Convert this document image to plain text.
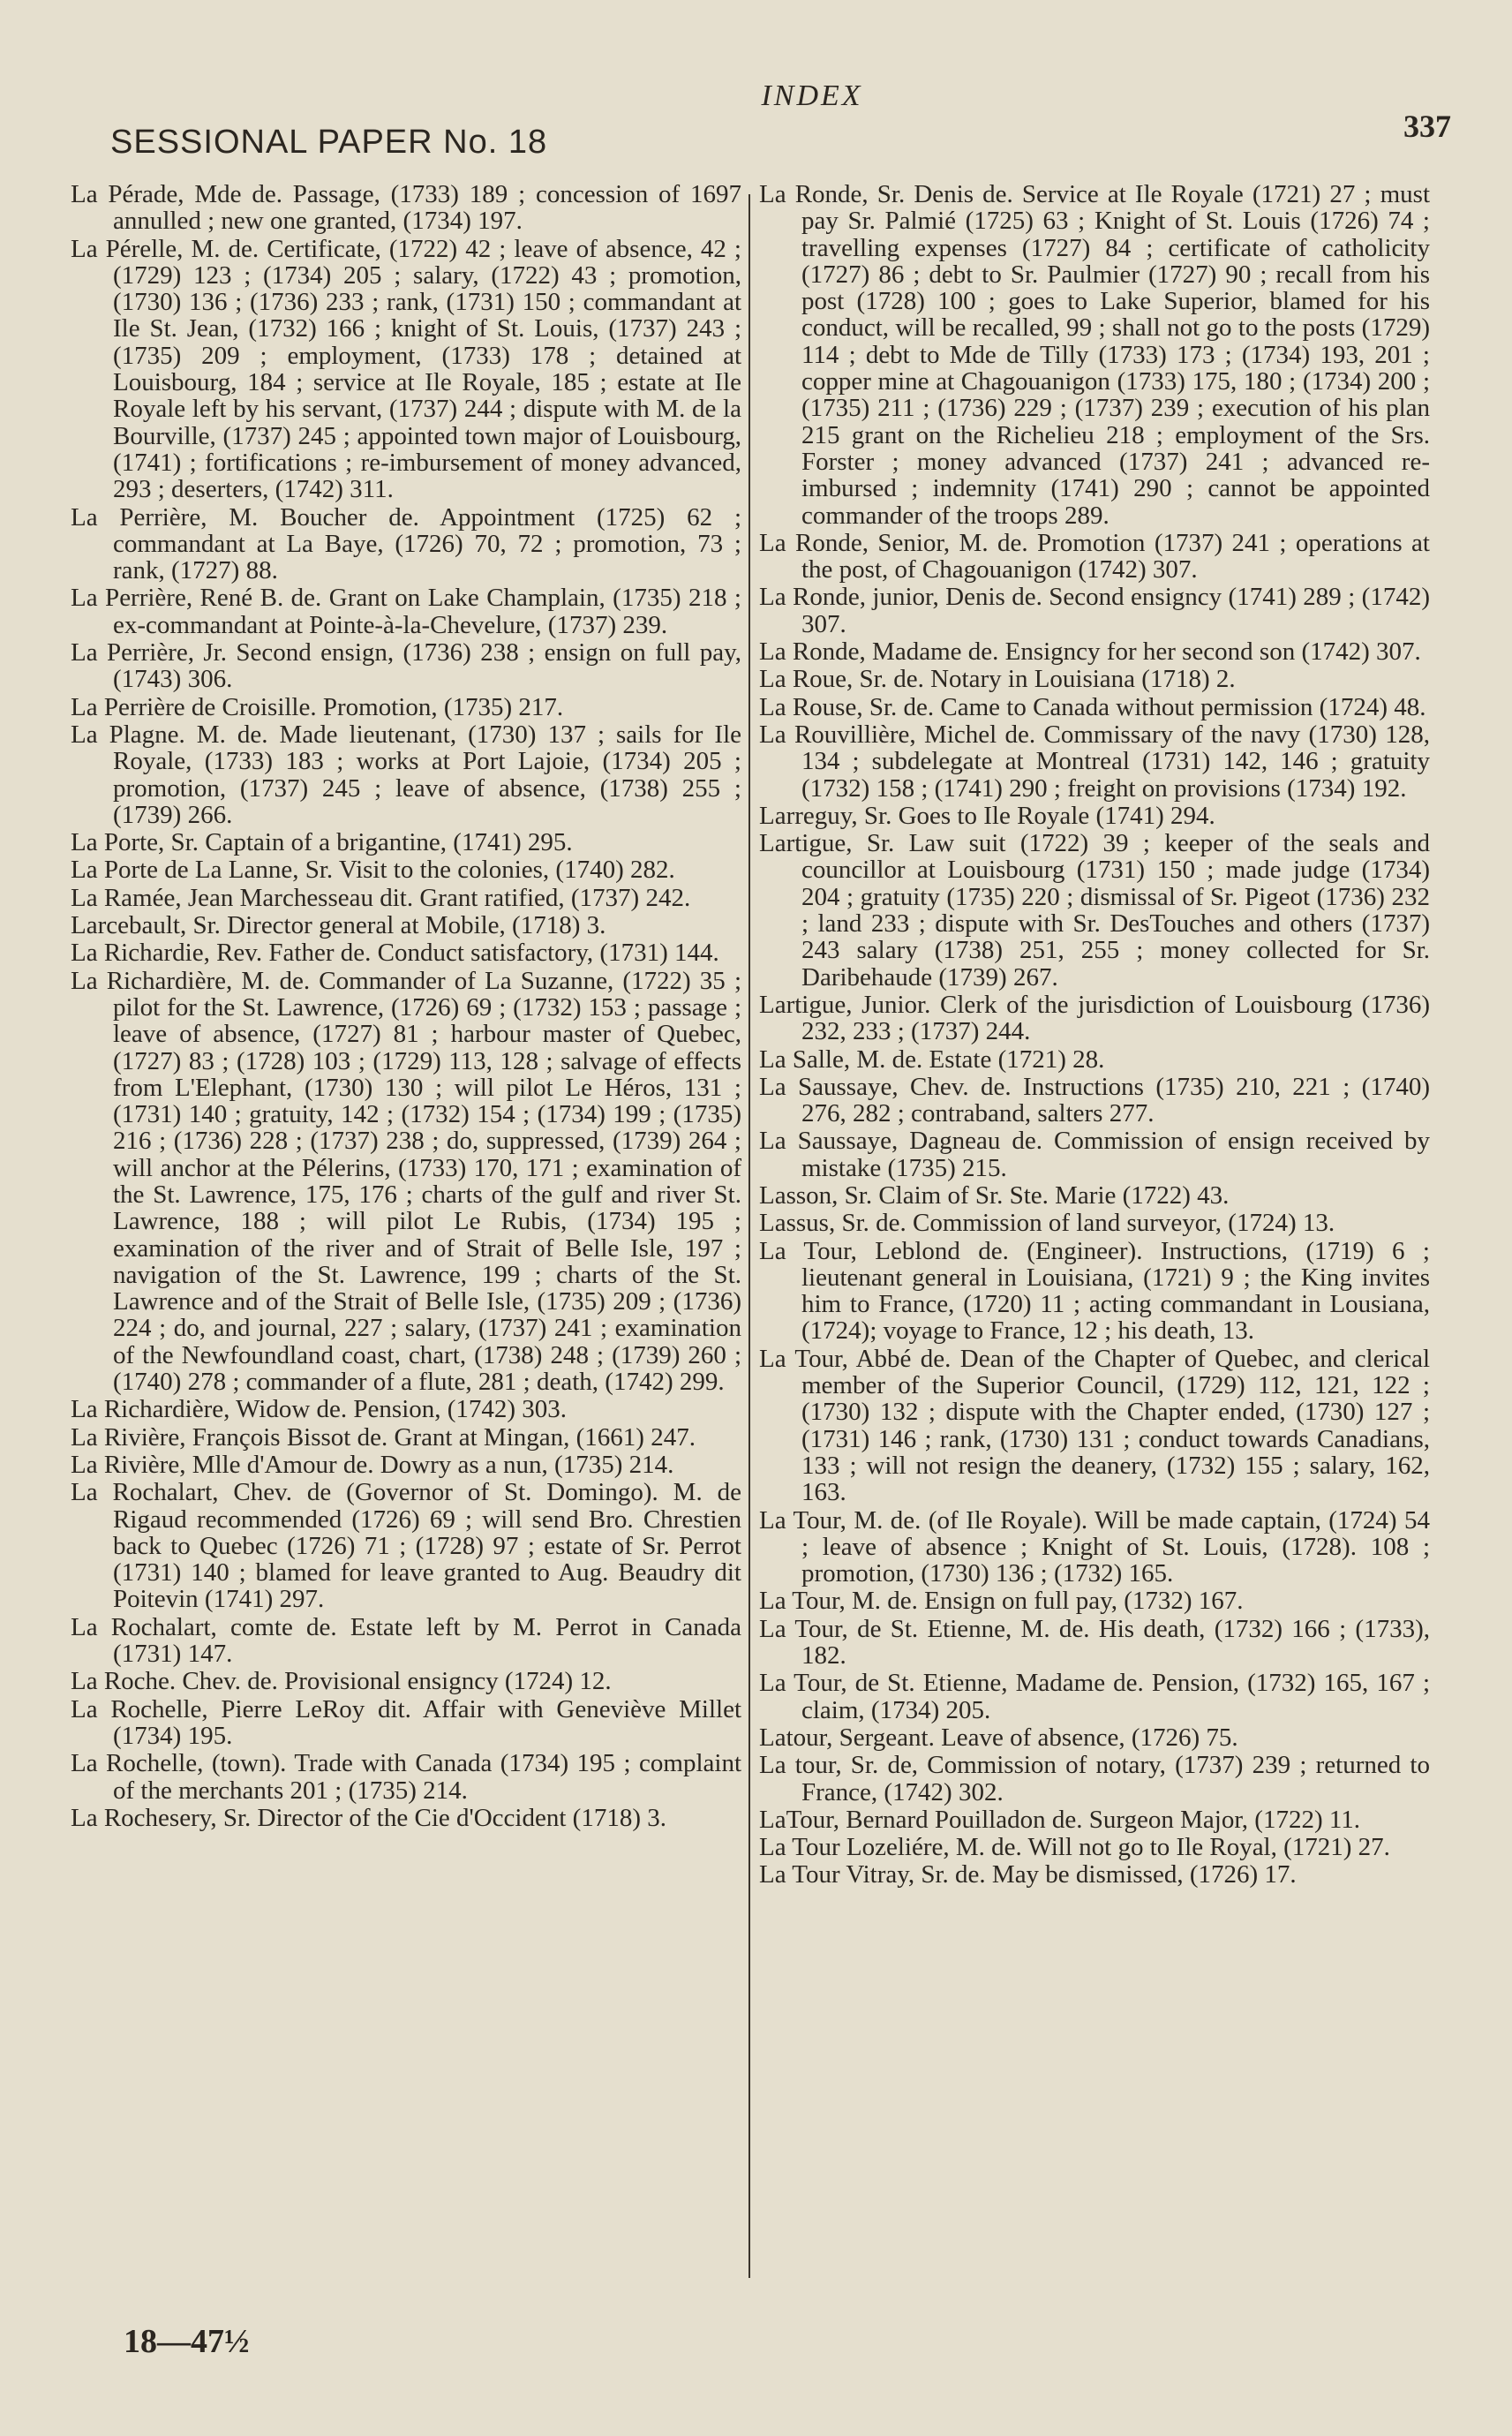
INDEX
SESSIONAL PAPER No. 18	337

La Pérade, Mde de. Passage, (1733) 189 ; concession of 1697 annulled ; new one granted, (1734) 197.

La Pérelle, M. de. Certificate, (1722) 42 ; leave of absence, 42 ; (1729) 123 ; (1734) 205 ; salary, (1722) 43 ; promotion, (1730) 136 ; (1736) 233 ; rank, (1731) 150 ; commandant at Ile St. Jean, (1732) 166 ; knight of St. Louis, (1737) 243 ; (1735) 209 ; employment, (1733) 178 ; detained at Louisbourg, 184 ; service at Ile Royale, 185 ; estate at Ile Royale left by his servant, (1737) 244 ; dispute with M. de la Bourville, (1737) 245 ; appointed town major of Louisbourg, (1741) ; fortifications ; re-imbursement of money advanced, 293 ; deserters, (1742) 311.

La Perrière, M. Boucher de. Appointment (1725) 62 ; commandant at La Baye, (1726) 70, 72 ; promotion, 73 ; rank, (1727) 88.

La Perrière, René B. de. Grant on Lake Champlain, (1735) 218 ; ex-commandant at Pointe-à-la-Chevelure, (1737) 239.

La Perrière, Jr. Second ensign, (1736) 238 ; ensign on full pay, (1743) 306.

La Perrière de Croisille. Promotion, (1735) 217.

La Plagne. M. de. Made lieutenant, (1730) 137 ; sails for Ile Royale, (1733) 183 ; works at Port Lajoie, (1734) 205 ; promotion, (1737) 245 ; leave of absence, (1738) 255 ; (1739) 266.

La Porte, Sr. Captain of a brigantine, (1741) 295.

La Porte de La Lanne, Sr. Visit to the colonies, (1740) 282.

La Ramée, Jean Marchesseau dit. Grant ratified, (1737) 242.

Larcebault, Sr. Director general at Mobile, (1718) 3.

La Richardie, Rev. Father de. Conduct satisfactory, (1731) 144.

La Richardière, M. de. Commander of La Suzanne, (1722) 35 ; pilot for the St. Lawrence, (1726) 69 ; (1732) 153 ; passage ; leave of absence, (1727) 81 ; harbour master of Quebec, (1727) 83 ; (1728) 103 ; (1729) 113, 128 ; salvage of effects from L'Elephant, (1730) 130 ; will pilot Le Héros, 131 ; (1731) 140 ; gratuity, 142 ; (1732) 154 ; (1734) 199 ; (1735) 216 ; (1736) 228 ; (1737) 238 ; do, suppressed, (1739) 264 ; will anchor at the Pélerins, (1733) 170, 171 ; examination of the St. Lawrence, 175, 176 ; charts of the gulf and river St. Lawrence, 188 ; will pilot Le Rubis, (1734) 195 ; examination of the river and of Strait of Belle Isle, 197 ; navigation of the St. Lawrence, 199 ; charts of the St. Lawrence and of the Strait of Belle Isle, (1735) 209 ; (1736) 224 ; do, and journal, 227 ; salary, (1737) 241 ; examination of the Newfoundland coast, chart, (1738) 248 ; (1739) 260 ; (1740) 278 ; commander of a flute, 281 ; death, (1742) 299.

La Richardière, Widow de. Pension, (1742) 303.

La Rivière, François Bissot de. Grant at Mingan, (1661) 247.

La Rivière, Mlle d'Amour de. Dowry as a nun, (1735) 214.

La Rochalart, Chev. de (Governor of St. Domingo). M. de Rigaud recommended (1726) 69 ; will send Bro. Chrestien back to Quebec (1726) 71 ; (1728) 97 ; estate of Sr. Perrot (1731) 140 ; blamed for leave granted to Aug. Beaudry dit Poitevin (1741) 297.

La Rochalart, comte de. Estate left by M. Perrot in Canada (1731) 147.

La Roche. Chev. de. Provisional ensigncy (1724) 12.

La Rochelle, Pierre LeRoy dit. Affair with Geneviève Millet (1734) 195.

La Rochelle, (town). Trade with Canada (1734) 195 ; complaint of the merchants 201 ; (1735) 214.

La Rochesery, Sr. Director of the Cie d'Occident (1718) 3.

La Ronde, Sr. Denis de. Service at Ile Royale (1721) 27 ; must pay Sr. Palmié (1725) 63 ; Knight of St. Louis (1726) 74 ; travelling expenses (1727) 84 ; certificate of catholicity (1727) 86 ; debt to Sr. Paulmier (1727) 90 ; recall from his post (1728) 100 ; goes to Lake Superior, blamed for his conduct, will be recalled, 99 ; shall not go to the posts (1729) 114 ; debt to Mde de Tilly (1733) 173 ; (1734) 193, 201 ; copper mine at Chagouanigon (1733) 175, 180 ; (1734) 200 ; (1735) 211 ; (1736) 229 ; (1737) 239 ; execution of his plan 215 grant on the Richelieu 218 ; employment of the Srs. Forster ; money advanced (1737) 241 ; advanced re-imbursed ; indemnity (1741) 290 ; cannot be appointed commander of the troops 289.

La Ronde, Senior, M. de. Promotion (1737) 241 ; operations at the post, of Chagouanigon (1742) 307.

La Ronde, junior, Denis de. Second ensigncy (1741) 289 ; (1742) 307.

La Ronde, Madame de. Ensigncy for her second son (1742) 307.

La Roue, Sr. de. Notary in Louisiana (1718) 2.

La Rouse, Sr. de. Came to Canada without permission (1724) 48.

La Rouvillière, Michel de. Commissary of the navy (1730) 128, 134 ; subdelegate at Montreal (1731) 142, 146 ; gratuity (1732) 158 ; (1741) 290 ; freight on provisions (1734) 192.

Larreguy, Sr. Goes to Ile Royale (1741) 294.

Lartigue, Sr. Law suit (1722) 39 ; keeper of the seals and councillor at Louisbourg (1731) 150 ; made judge (1734) 204 ; gratuity (1735) 220 ; dismissal of Sr. Pigeot (1736) 232 ; land 233 ; dispute with Sr. DesTouches and others (1737) 243 salary (1738) 251, 255 ; money collected for Sr. Daribehaude (1739) 267.

Lartigue, Junior. Clerk of the jurisdiction of Louisbourg (1736) 232, 233 ; (1737) 244.

La Salle, M. de. Estate (1721) 28.

La Saussaye, Chev. de. Instructions (1735) 210, 221 ; (1740) 276, 282 ; contraband, salters 277.

La Saussaye, Dagneau de. Commission of ensign received by mistake (1735) 215.

Lasson, Sr. Claim of Sr. Ste. Marie (1722) 43.

Lassus, Sr. de. Commission of land surveyor, (1724) 13.

La Tour, Leblond de. (Engineer). Instructions, (1719) 6 ; lieutenant general in Louisiana, (1721) 9 ; the King invites him to France, (1720) 11 ; acting commandant in Lousiana, (1724); voyage to France, 12 ; his death, 13.

La Tour, Abbé de. Dean of the Chapter of Quebec, and clerical member of the Superior Council, (1729) 112, 121, 122 ; (1730) 132 ; dispute with the Chapter ended, (1730) 127 ; (1731) 146 ; rank, (1730) 131 ; conduct towards Canadians, 133 ; will not resign the deanery, (1732) 155 ; salary, 162, 163.

La Tour, M. de. (of Ile Royale). Will be made captain, (1724) 54 ; leave of absence ; Knight of St. Louis, (1728). 108 ; promotion, (1730) 136 ; (1732) 165.

La Tour, M. de. Ensign on full pay, (1732) 167.

La Tour, de St. Etienne, M. de. His death, (1732) 166 ; (1733), 182.

La Tour, de St. Etienne, Madame de. Pension, (1732) 165, 167 ; claim, (1734) 205.

Latour, Sergeant. Leave of absence, (1726) 75.

La tour, Sr. de, Commission of notary, (1737) 239 ; returned to France, (1742) 302.

LaTour, Bernard Pouilladon de. Surgeon Major, (1722) 11.

La Tour Lozeliére, M. de. Will not go to Ile Royal, (1721) 27.

La Tour Vitray, Sr. de. May be dismissed, (1726) 17.

18—47½
